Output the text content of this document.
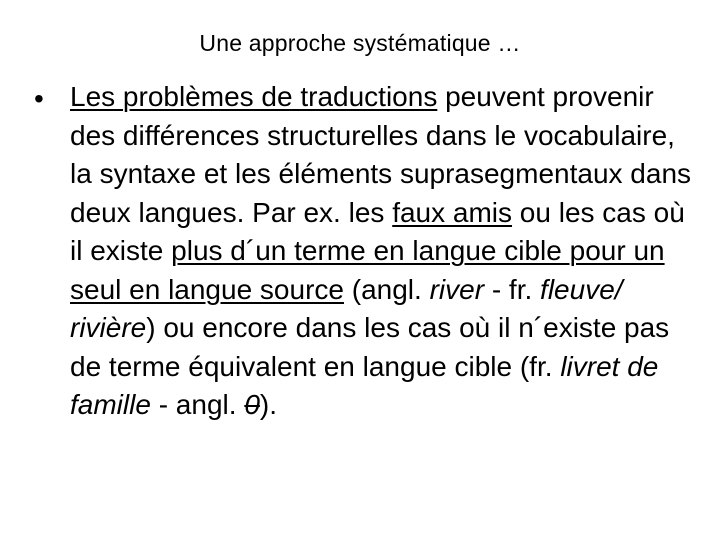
Une approche systématique …
• Les problèmes de traductions peuvent provenir des différences structurelles dans le vocabulaire, la syntaxe et les éléments suprasegmentaux dans deux langues. Par ex. les faux amis ou les cas où il existe plus d´un terme en langue cible pour un seul en langue source (angl. river - fr. fleuve/ rivière) ou encore dans les cas où il n´existe pas de terme équivalent en langue cible (fr. livret de famille - angl. 0).
